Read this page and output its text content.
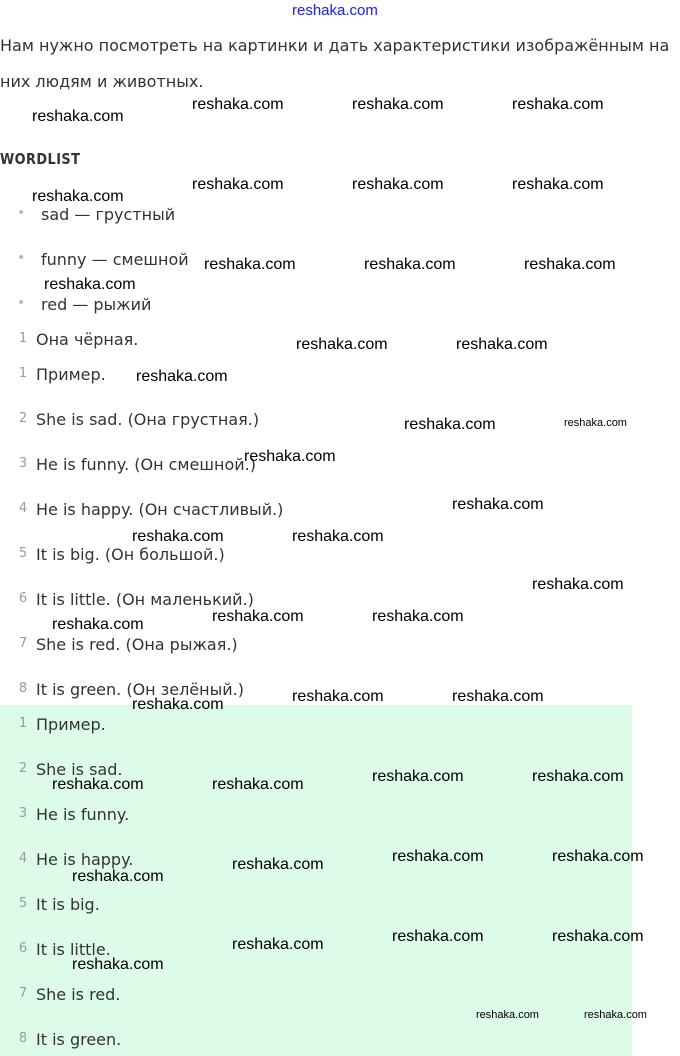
reshaka.com
Нам нужно посмотреть на картинки и дать характеристики изображённым на них людям и животных.
WORDLIST
• sad — грустный
• funny — смешной
• red — рыжий
1 Она чёрная.
1 Пример.
2 She is sad. (Она грустная.)
3 He is funny. (Он смешной.)
4 He is happy. (Он счастливый.)
5 It is big. (Он большой.)
6 It is little. (Он маленький.)
7 She is red. (Она рыжая.)
8 It is green. (Он зелёный.)
1 Пример.
2 She is sad.
3 He is funny.
4 He is happy.
5 It is big.
6 It is little.
7 She is red.
8 It is green.
reshaka.com
reshaka.com	reshaka.com	reshaka.com
reshaka.com
reshaka.com	reshaka.com	reshaka.com
reshaka.com
reshaka.com	reshaka.com	reshaka.com
reshaka.com	reshaka.com
reshaka.com
reshaka.com	reshaka.com
reshaka.com
reshaka.com
reshaka.com	reshaka.com
reshaka.com
reshaka.com	reshaka.com
reshaka.com
reshaka.com	reshaka.com
reshaka.com
reshaka.com	reshaka.com
reshaka.com	reshaka.com
reshaka.com	reshaka.com
reshaka.com
reshaka.com
reshaka.com	reshaka.com
reshaka.com
reshaka.com
reshaka.com	reshaka.com
